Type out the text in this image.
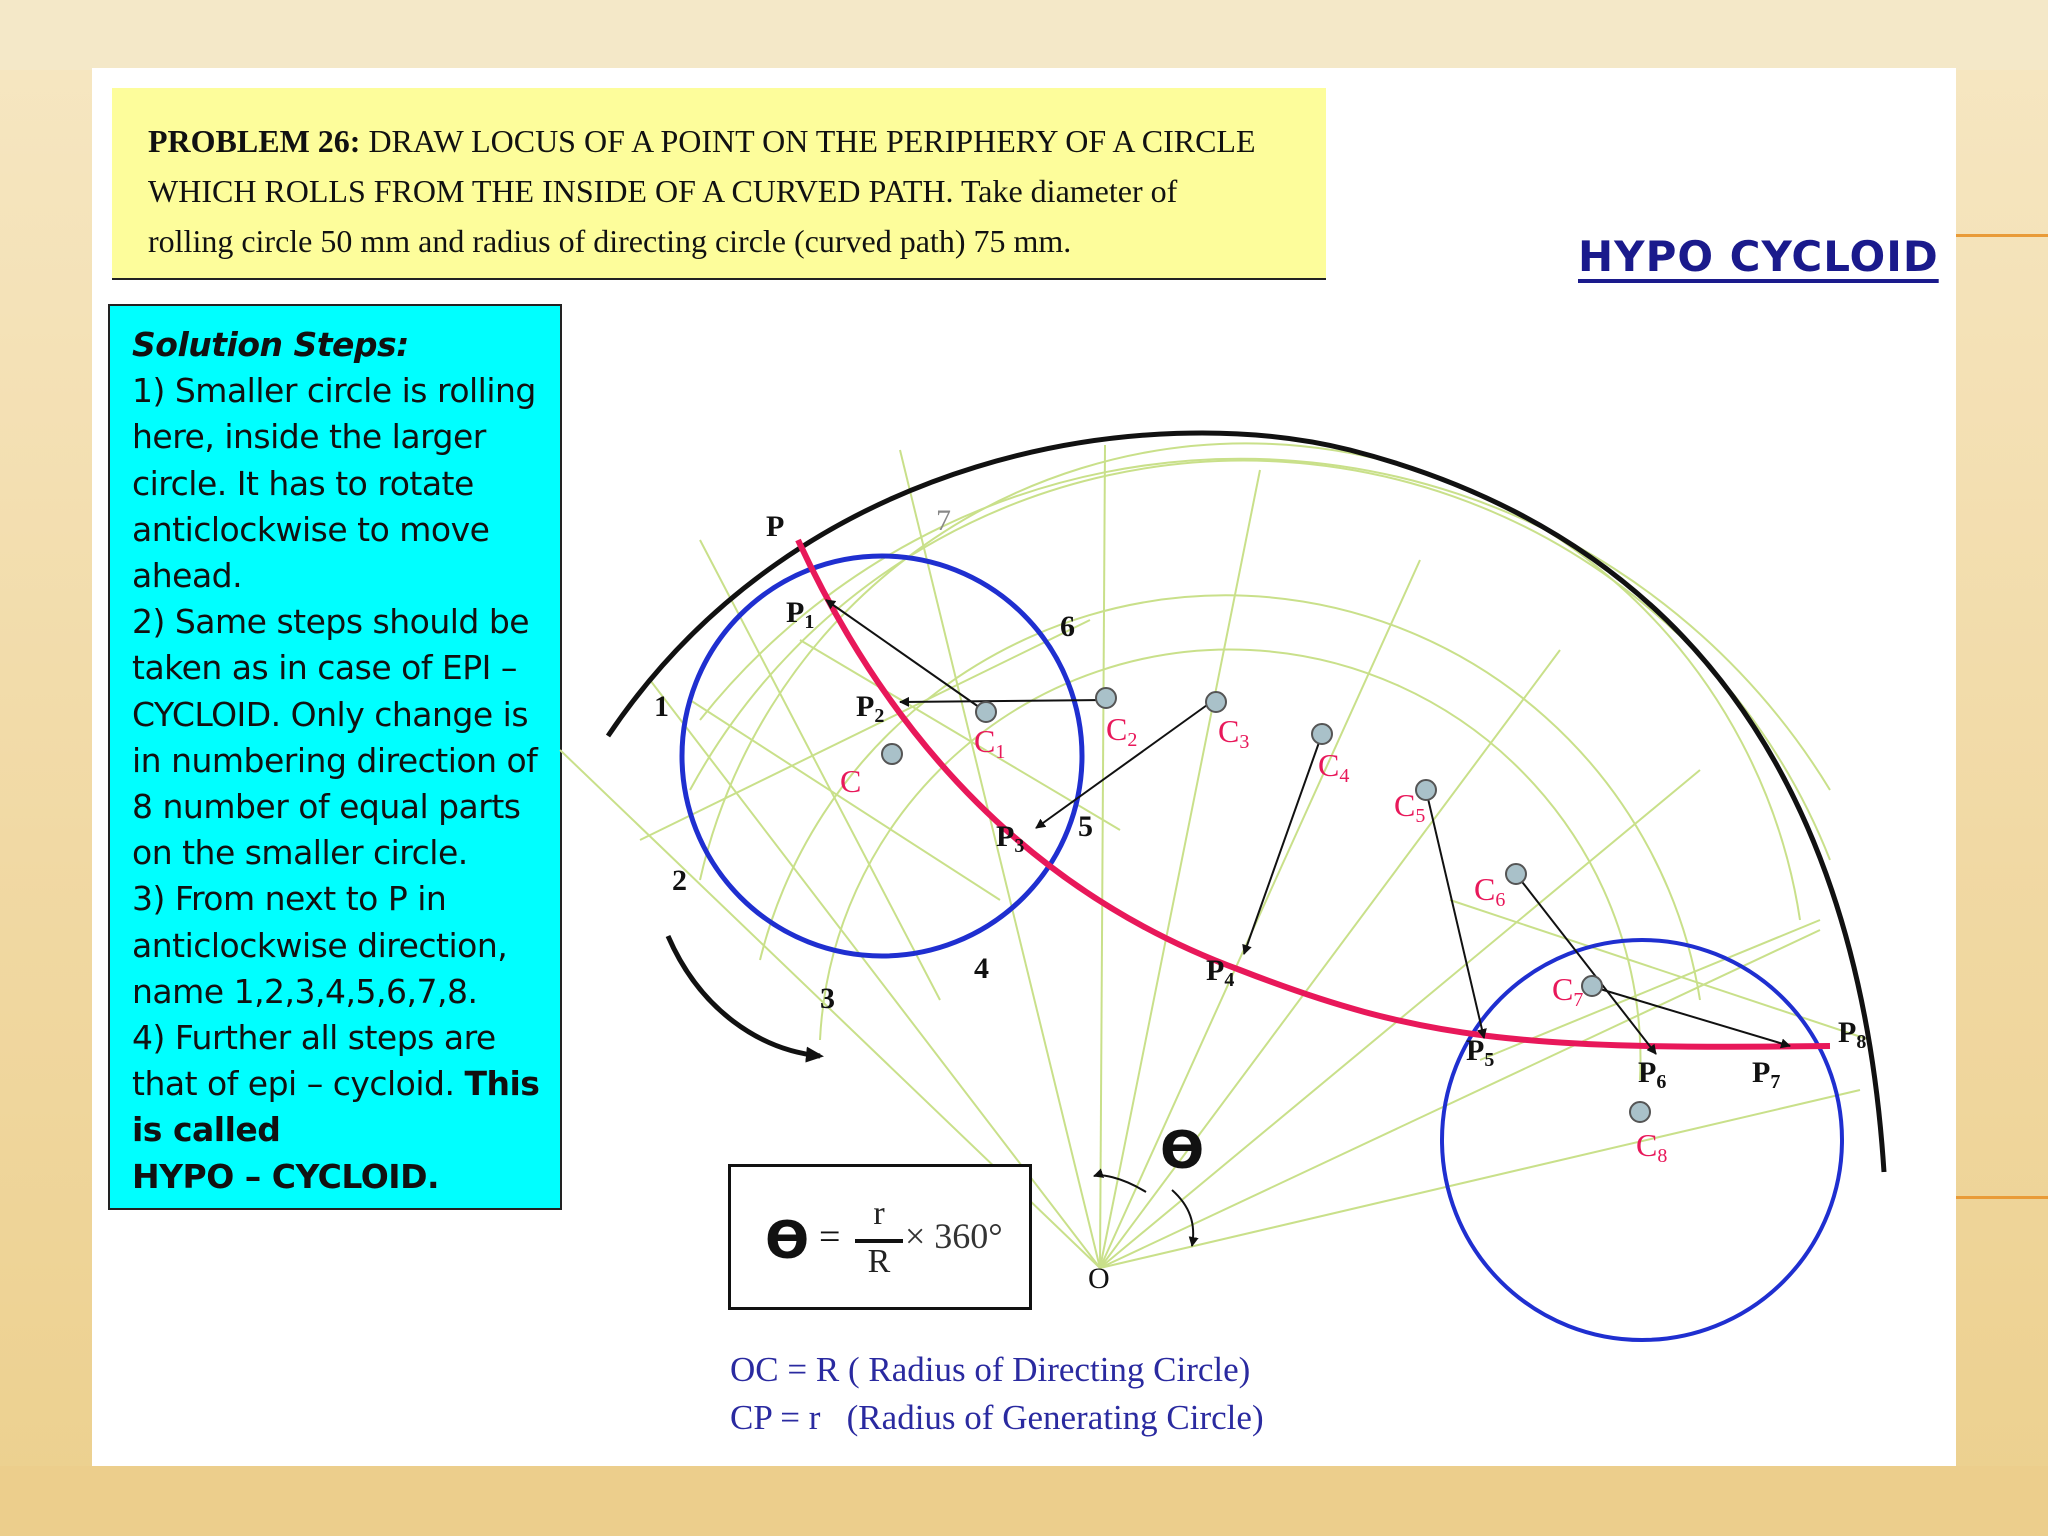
PROBLEM 26: DRAW LOCUS OF A POINT ON THE PERIPHERY OF A CIRCLE
WHICH ROLLS FROM THE INSIDE OF A CURVED PATH. Take diameter of
rolling circle 50 mm and radius of directing circle (curved path) 75 mm.	HYPO CYCLOID

Solution Steps:

1) Smaller circle is rolling

here, inside the larger

circle. It has to rotate

anticlockwise to move

ahead.

2) Same steps should be

taken as in case of EPI –

CYCLOID. Only change is

in numbering direction of

8 number of equal parts

on the smaller circle.

3) From next to P in

anticlockwise direction,

name 1,2,3,4,5,6,7,8.

4) Further all steps are

that of epi – cycloid. This

is called

HYPO – CYCLOID.

P
$P_1$
$P_2$
$P_3$
$P_4$
$P_5$	$P_6$	$P_7$
$P_8$
1
2
3
4
5
6
7
O
C
C1
C2	C3
C4
C5
C6
C7
C8
ϴ
ϴ =
r
R
× 360°
OC = R ( Radius of Directing Circle)
CP = r   (Radius of Generating Circle)
